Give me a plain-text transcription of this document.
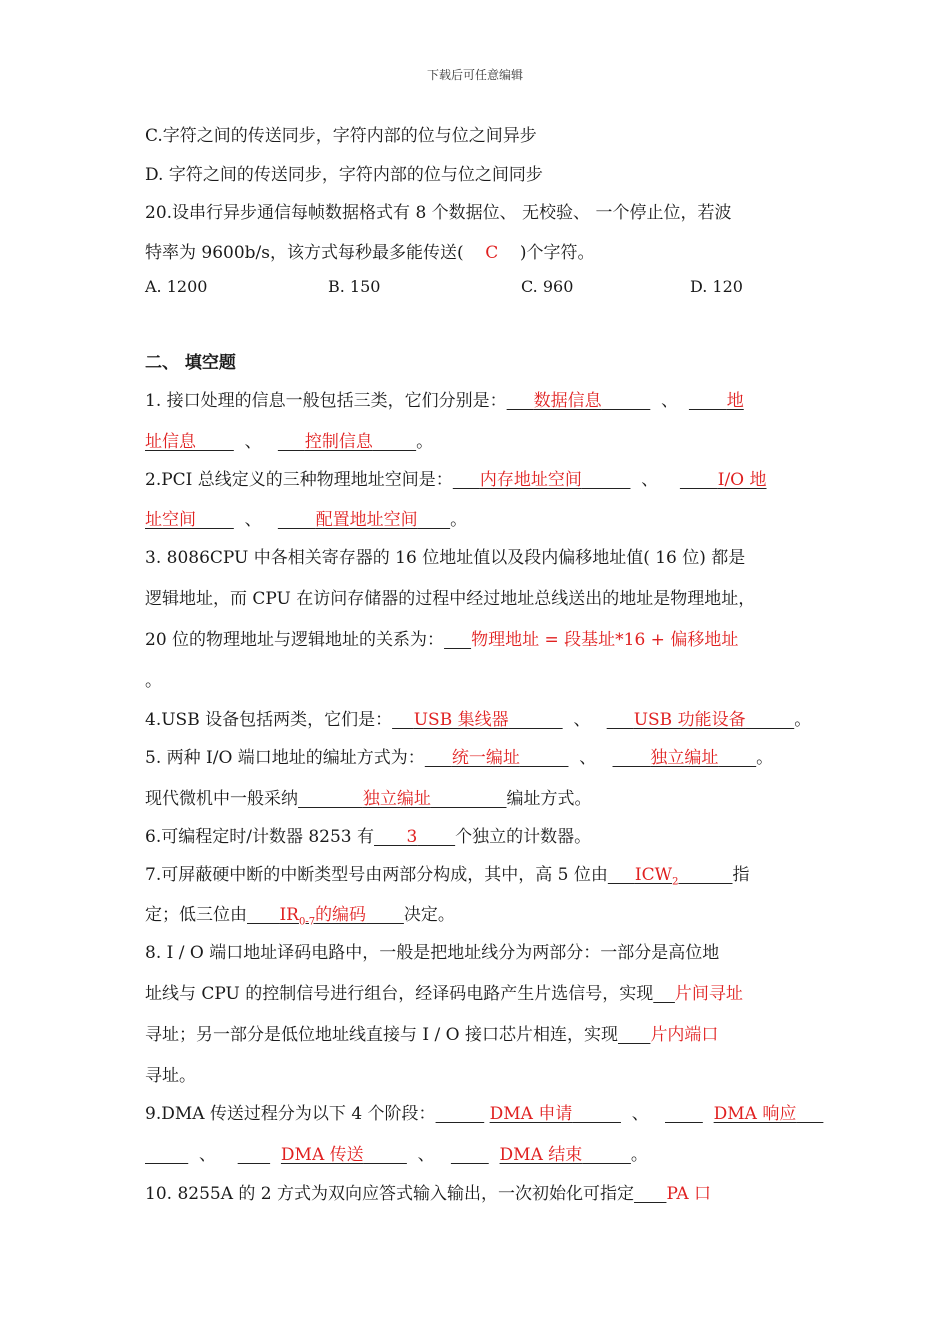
下载后可任意编辑
C.字符之间的传送同步，字符内部的位与位之间异步
D. 字符之间的传送同步，字符内部的位与位之间同步
20.设串行异步通信每帧数据格式有 8 个数据位、 无校验、 一个停止位，若波
特率为 9600b/s，该方式每秒最多能传送( C )个字符。
A. 1200	B. 150	C. 960	D. 120
二、 填空题
1. 接口处理的信息一般包括三类，它们分别是： 数据信息	、         地
址信息         、        控制信息	。
2.PCI 总线定义的三种物理地址空间是： 内存地址空间	、           I/O 地
址空间         、          配置地址空间 。
3. 8086CPU 中各相关寄存器的 16 位地址值以及段内偏移地址值( 16 位) 都是
逻辑地址，而 CPU 在访问存储器的过程中经过地址总线送出的地址是物理地址，
20 位的物理地址与逻辑地址的关系为： 物理地址 = 段基址*16 + 偏移地址
。
4.USB 设备包括两类，它们是： USB 集线器	、        USB 功能设备	。
5. 两种 I/O 端口地址的编址方式为： 统一编址	、          独立编址 。
现代微机中一般采纳	独立编址	编址方式。
6.可编程定时/计数器 8253 有 3 个独立的计数器。
7.可屏蔽硬中断的中断类型号由两部分构成，其中，高 5 位由 $ICW_2$	指
定；低三位由 $IR_{0-7}$的编码 决定。
8. I / O 端口地址译码电路中，一般是把地址线分为两部分：一部分是高位地
址线与 CPU 的控制信号进行组台，经译码电路产生片选信号，实现 片间寻址
寻址；另一部分是低位地址线直接与 I / O 接口芯片相连，实现 片内端口
寻址。
9.DMA 传送过程分为以下 4 个阶段：	DMA 申请	、	DMA 响应
、	DMA 传送	、	DMA 结束	。
10. 8255A 的 2 方式为双向应答式输入输出，一次初始化可指定 PA 口
